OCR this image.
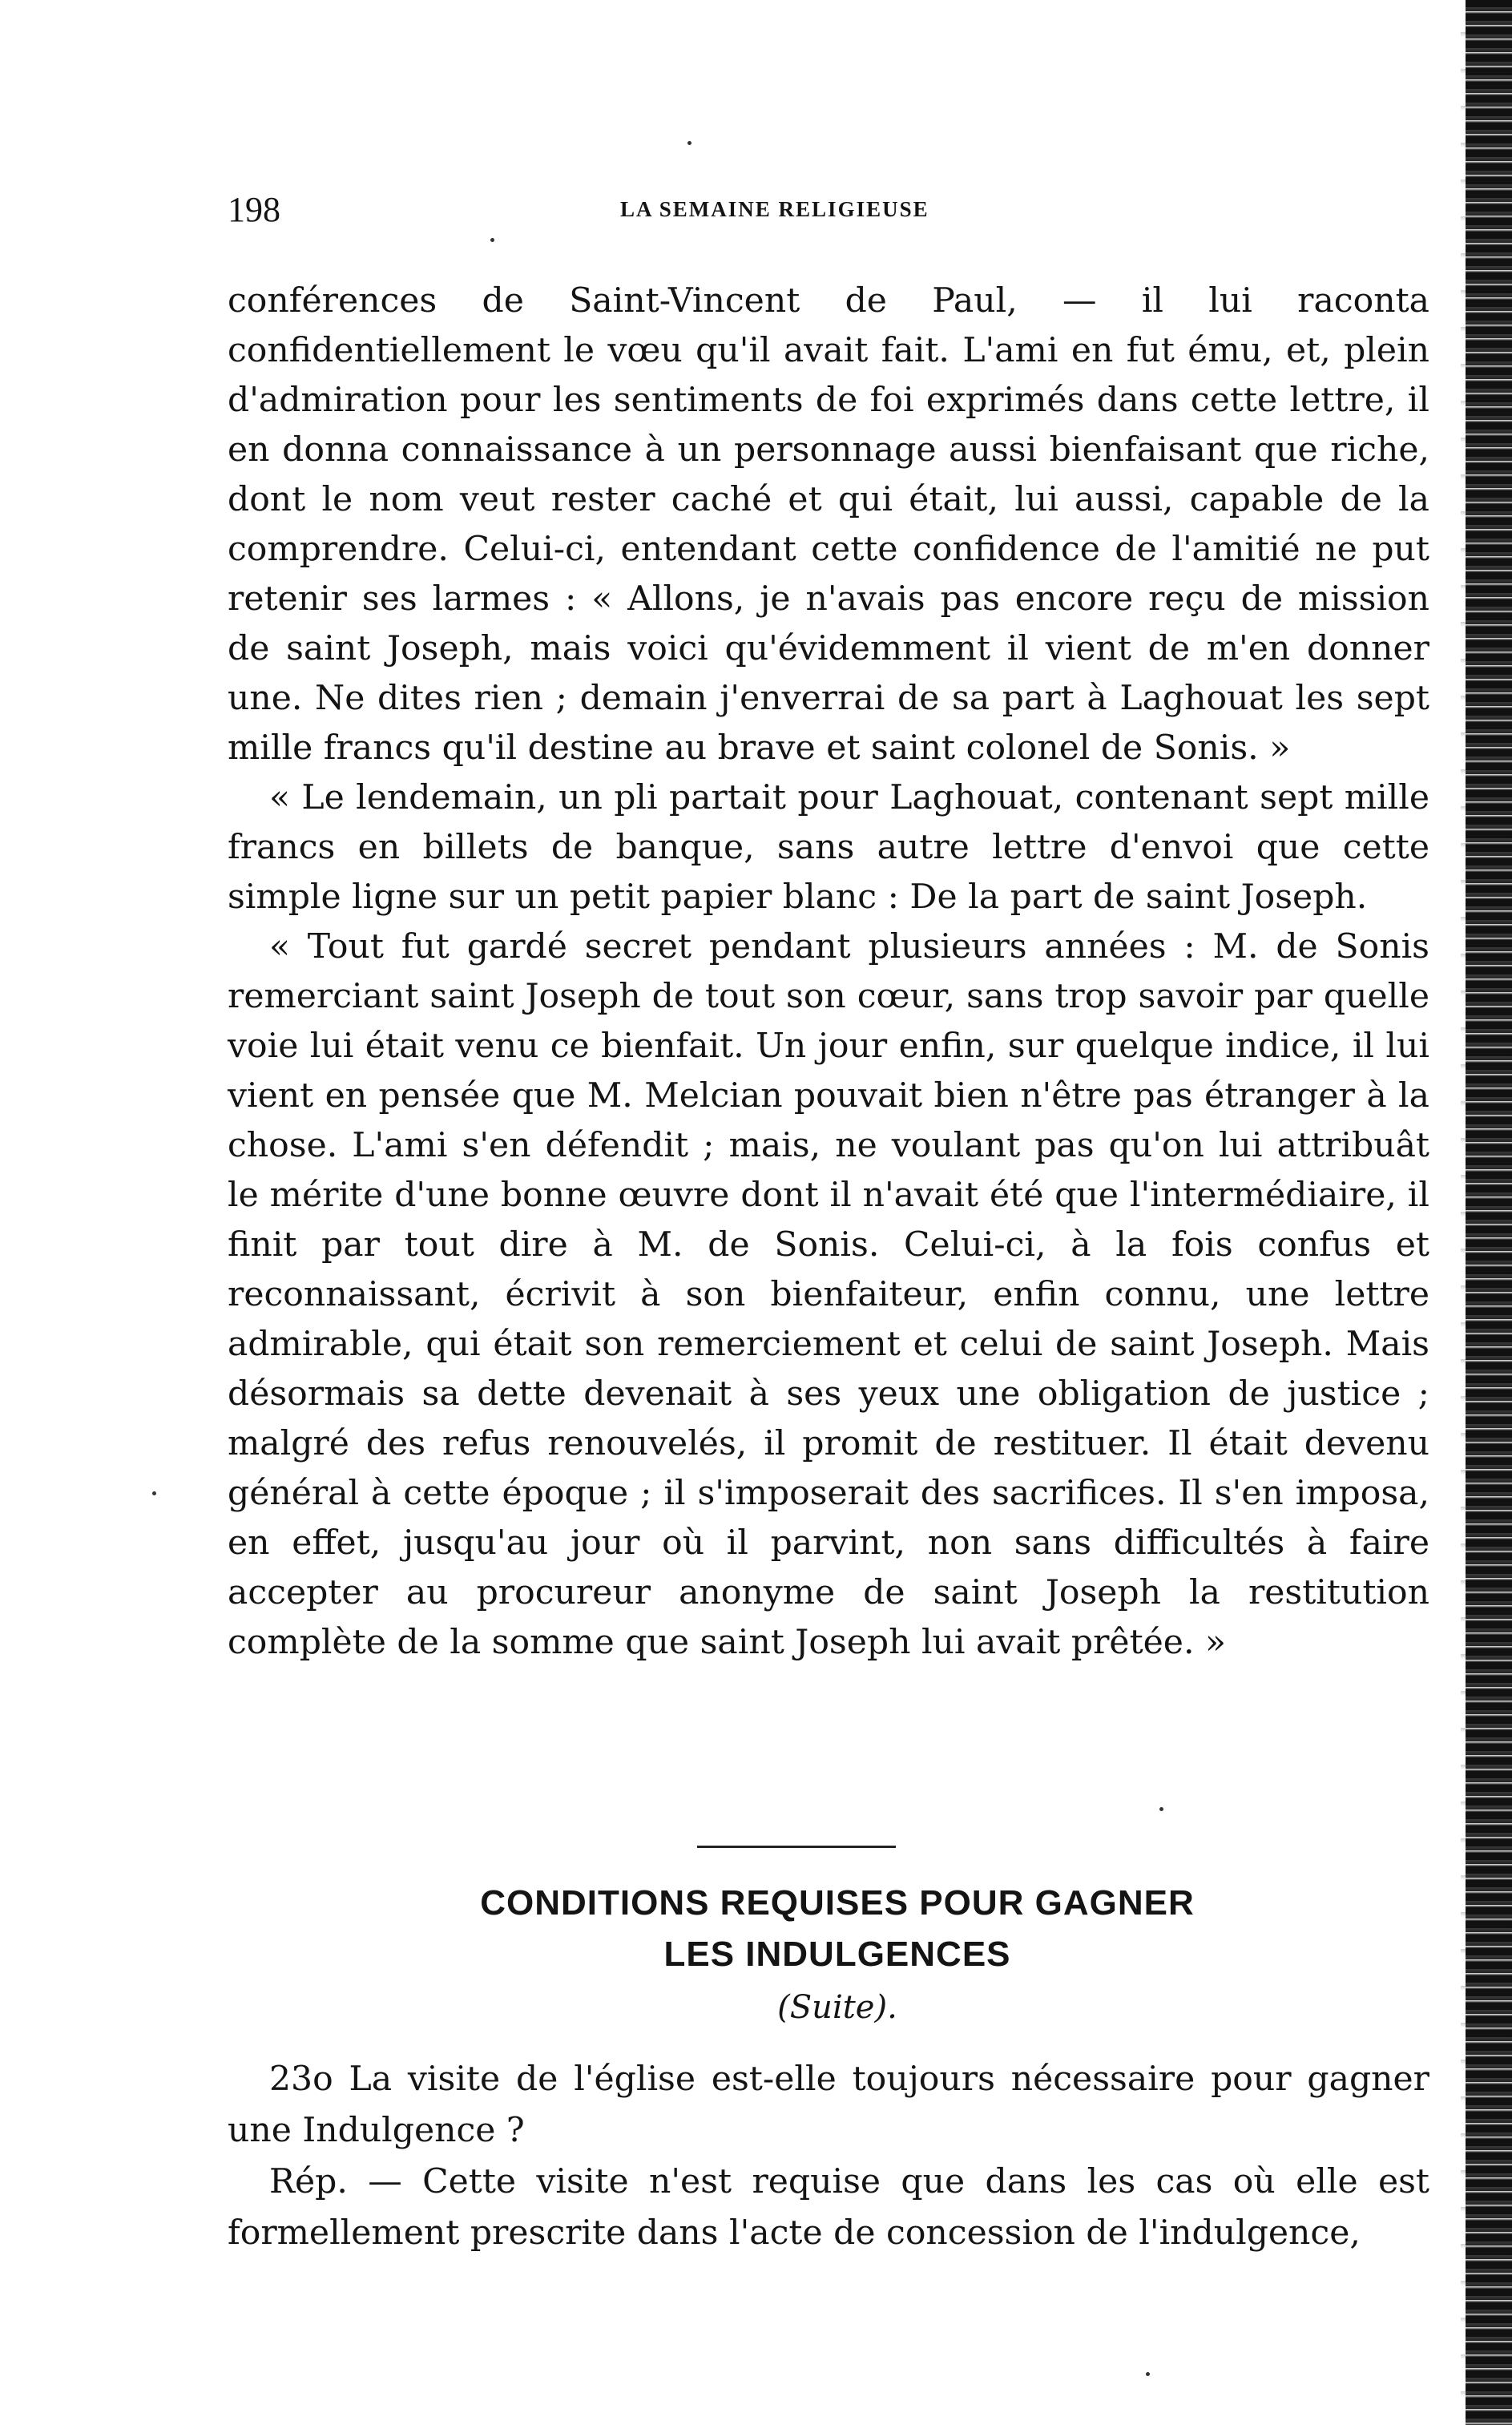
198	LA SEMAINE RELIGIEUSE

conférences de Saint-Vincent de Paul, — il lui raconta confidentiellement le vœu qu'il avait fait. L'ami en fut ému, et, plein d'admiration pour les sentiments de foi exprimés dans cette lettre, il en donna connaissance à un personnage aussi bienfaisant que riche, dont le nom veut rester caché et qui était, lui aussi, capable de la comprendre. Celui-ci, entendant cette confidence de l'amitié ne put retenir ses larmes : « Allons, je n'avais pas encore reçu de mission de saint Joseph, mais voici qu'évidemment il vient de m'en donner une. Ne dites rien ; demain j'enverrai de sa part à Laghouat les sept mille francs qu'il destine au brave et saint colonel de Sonis. »

« Le lendemain, un pli partait pour Laghouat, contenant sept mille francs en billets de banque, sans autre lettre d'envoi que cette simple ligne sur un petit papier blanc : De la part de saint Joseph.

« Tout fut gardé secret pendant plusieurs années : M. de Sonis remerciant saint Joseph de tout son cœur, sans trop savoir par quelle voie lui était venu ce bienfait. Un jour enfin, sur quelque indice, il lui vient en pensée que M. Melcian pouvait bien n'être pas étranger à la chose. L'ami s'en défendit ; mais, ne voulant pas qu'on lui attribuât le mérite d'une bonne œuvre dont il n'avait été que l'intermédiaire, il finit par tout dire à M. de Sonis. Celui-ci, à la fois confus et reconnaissant, écrivit à son bienfaiteur, enfin connu, une lettre admirable, qui était son remerciement et celui de saint Joseph. Mais désormais sa dette devenait à ses yeux une obligation de justice ; malgré des refus renouvelés, il promit de restituer. Il était devenu général à cette époque ; il s'imposerait des sacrifices. Il s'en imposa, en effet, jusqu'au jour où il parvint, non sans difficultés à faire accepter au procureur anonyme de saint Joseph la restitution complète de la somme que saint Joseph lui avait prêtée. »

CONDITIONS REQUISES POUR GAGNER
LES INDULGENCES
(Suite).

23o La visite de l'église est-elle toujours nécessaire pour gagner une Indulgence ?

Rép. — Cette visite n'est requise que dans les cas où elle est formellement prescrite dans l'acte de concession de l'indulgence,
